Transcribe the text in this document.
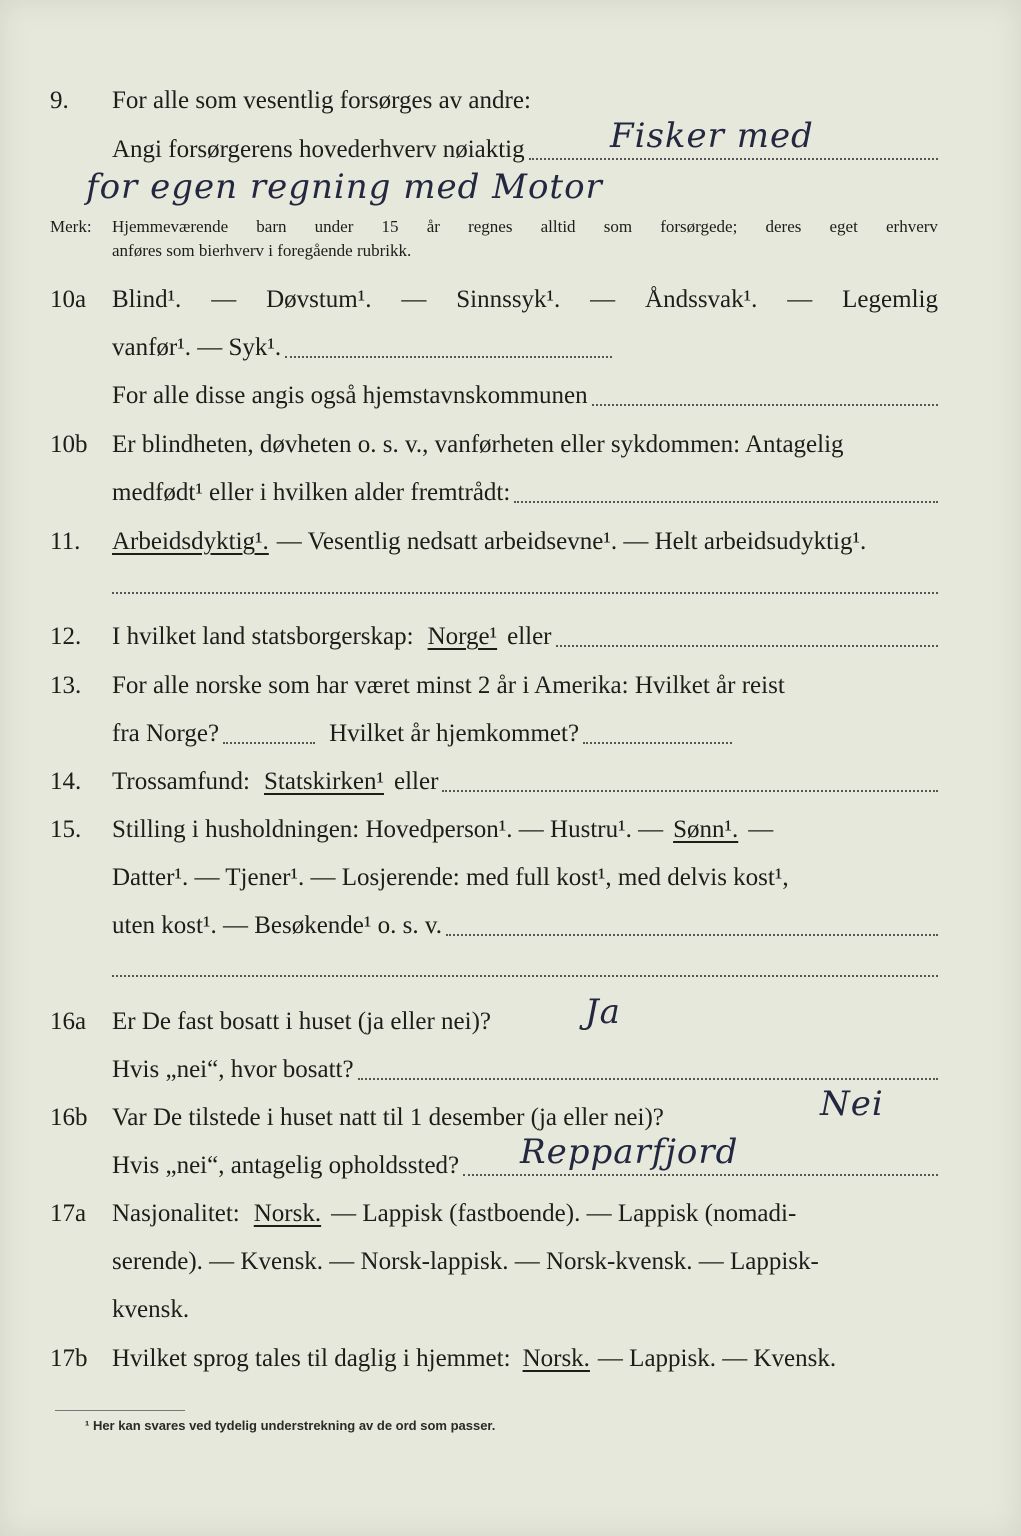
9.	For alle som vesentlig forsørges av andre:
Angi forsørgerens hovederhverv nøiaktig	Fisker med
for egen regning med Motor
Merk: Hjemmeværende barn under 15 år regnes alltid som forsørgede; deres eget erhverv
anføres som bierhverv i foregående rubrikk.
10a	Blind¹. — Døvstum¹. — Sinnssyk¹. — Åndssvak¹. — Legemlig
vanfør¹. — Syk¹.
For alle disse angis også hjemstavnskommunen
10b Er blindheten, døvheten o. s. v., vanførheten eller sykdommen: Antagelig
medfødt¹ eller i hvilken alder fremtrådt:
11.	Arbeidsdyktig¹. — Vesentlig nedsatt arbeidsevne¹. — Helt arbeidsudyktig¹.
12.	I hvilket land statsborgerskap: Norge¹ eller
13.	For alle norske som har været minst 2 år i Amerika: Hvilket år reist
fra Norge?	Hvilket år hjemkommet?
14.	Trossamfund: Statskirken¹ eller
15.	Stilling i husholdningen: Hovedperson¹. — Hustru¹. — Sønn¹. —
Datter¹. — Tjener¹. — Losjerende: med full kost¹, med delvis kost¹,
uten kost¹. — Besøkende¹ o. s. v.
16a	Er De fast bosatt i huset (ja eller nei)?	Ja
Hvis „nei“, hvor bosatt?
16b Var De tilstede i huset natt til 1 desember (ja eller nei)?	Nei
Hvis „nei“, antagelig opholdssted? Repparfjord
17a	Nasjonalitet: Norsk. — Lappisk (fastboende). — Lappisk (nomadi-
serende). — Kvensk. — Norsk-lappisk. — Norsk-kvensk. — Lappisk-
kvensk.
17b Hvilket sprog tales til daglig i hjemmet: Norsk. — Lappisk. — Kvensk.
¹ Her kan svares ved tydelig understrekning av de ord som passer.
